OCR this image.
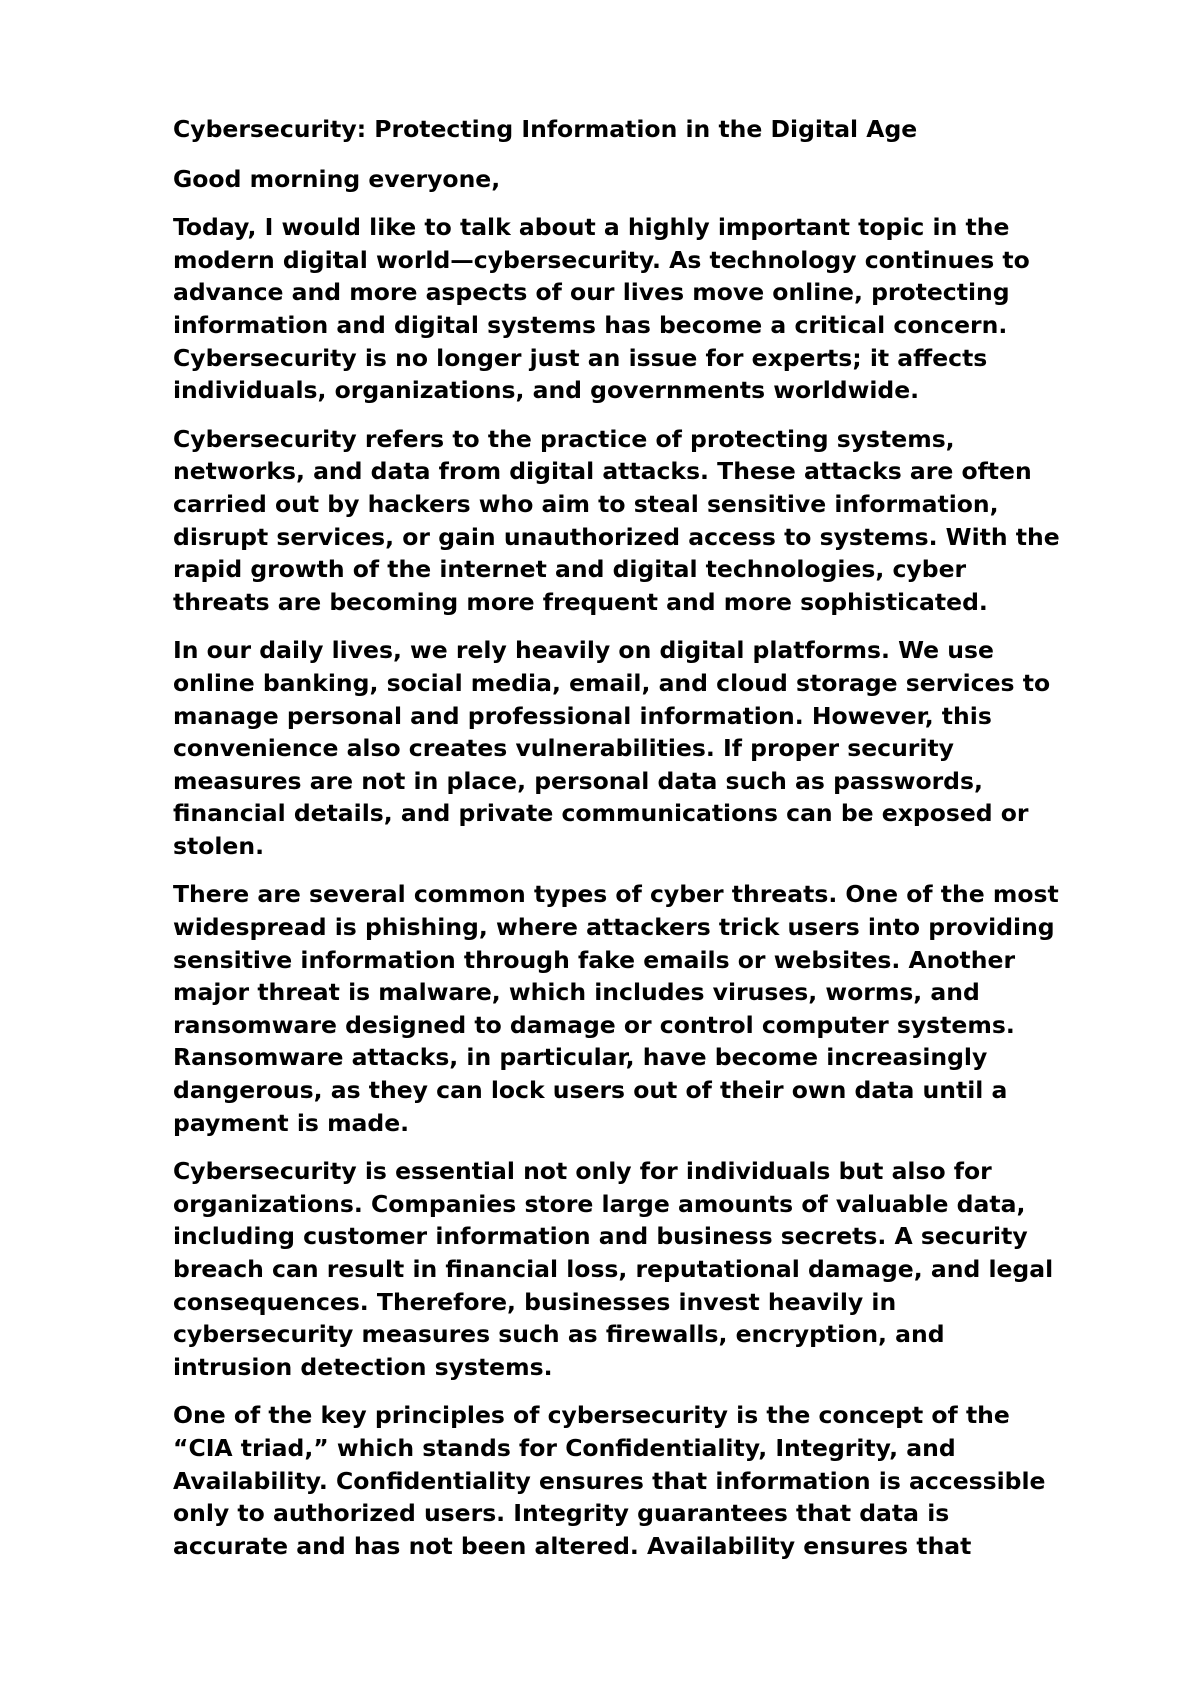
Cybersecurity: Protecting Information in the Digital Age

Good morning everyone,

Today, I would like to talk about a highly important topic in the
modern digital world—cybersecurity. As technology continues to
advance and more aspects of our lives move online, protecting
information and digital systems has become a critical concern.
Cybersecurity is no longer just an issue for experts; it affects
individuals, organizations, and governments worldwide.

Cybersecurity refers to the practice of protecting systems,
networks, and data from digital attacks. These attacks are often
carried out by hackers who aim to steal sensitive information,
disrupt services, or gain unauthorized access to systems. With the
rapid growth of the internet and digital technologies, cyber
threats are becoming more frequent and more sophisticated.

In our daily lives, we rely heavily on digital platforms. We use
online banking, social media, email, and cloud storage services to
manage personal and professional information. However, this
convenience also creates vulnerabilities. If proper security
measures are not in place, personal data such as passwords,
financial details, and private communications can be exposed or
stolen.

There are several common types of cyber threats. One of the most
widespread is phishing, where attackers trick users into providing
sensitive information through fake emails or websites. Another
major threat is malware, which includes viruses, worms, and
ransomware designed to damage or control computer systems.
Ransomware attacks, in particular, have become increasingly
dangerous, as they can lock users out of their own data until a
payment is made.

Cybersecurity is essential not only for individuals but also for
organizations. Companies store large amounts of valuable data,
including customer information and business secrets. A security
breach can result in financial loss, reputational damage, and legal
consequences. Therefore, businesses invest heavily in
cybersecurity measures such as firewalls, encryption, and
intrusion detection systems.

One of the key principles of cybersecurity is the concept of the
“CIA triad,” which stands for Confidentiality, Integrity, and
Availability. Confidentiality ensures that information is accessible
only to authorized users. Integrity guarantees that data is
accurate and has not been altered. Availability ensures that
